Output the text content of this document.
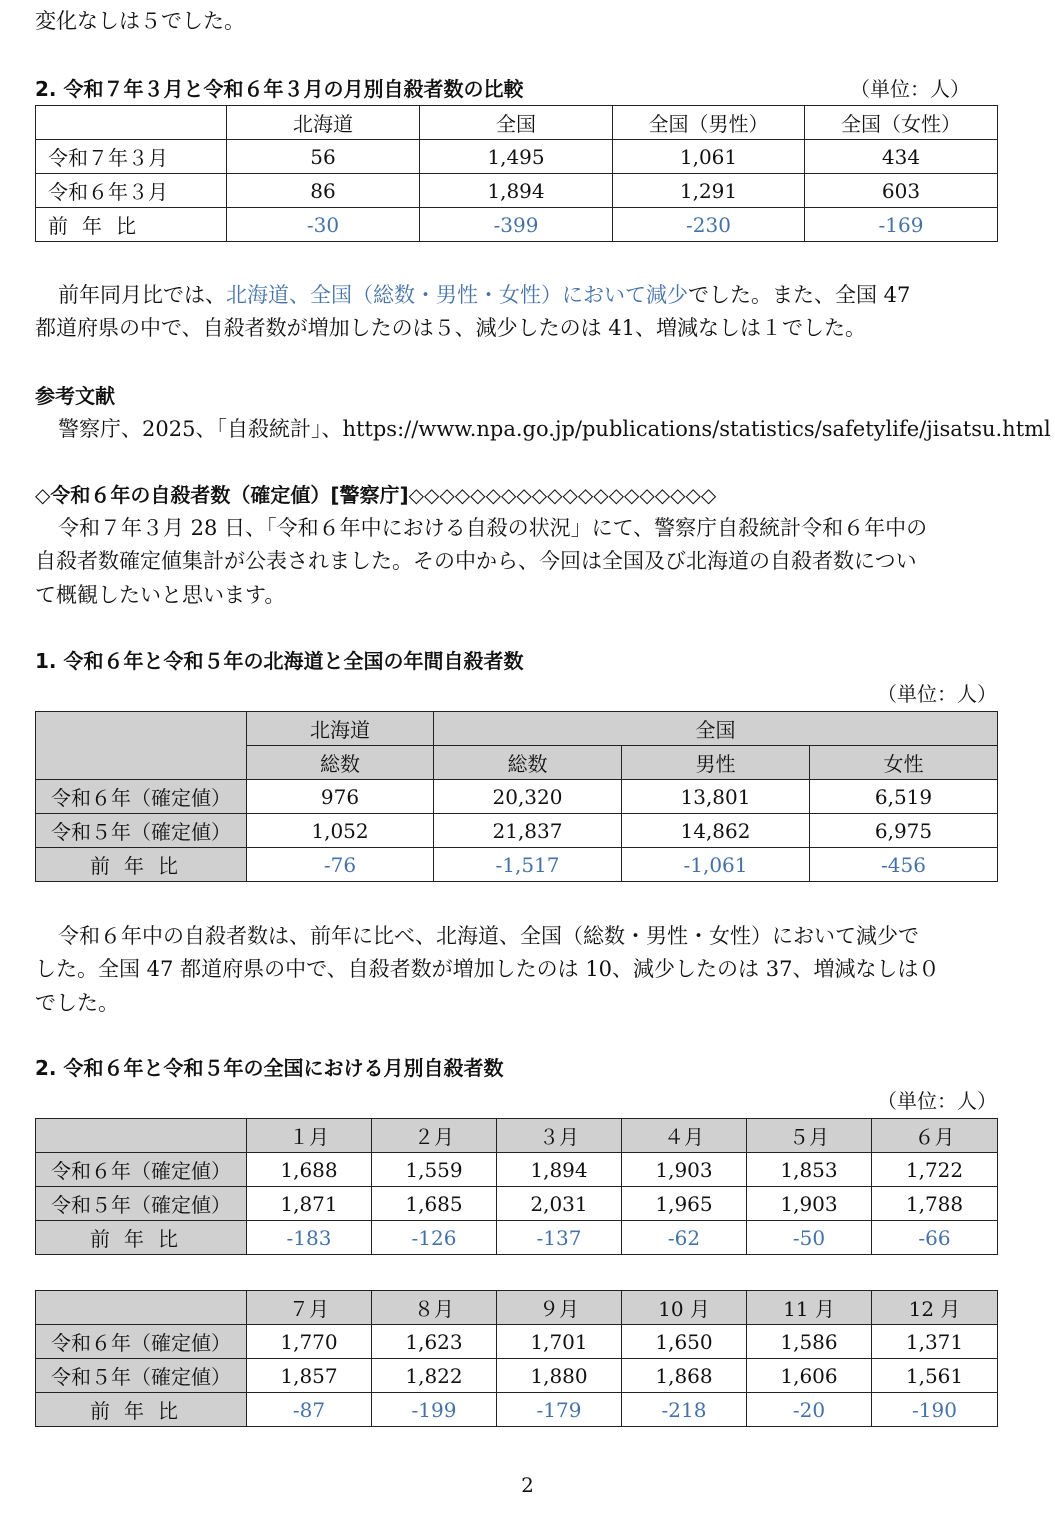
変化なしは５でした。
2. 令和７年３月と令和６年３月の月別自殺者数の比較	（単位：人）
	北海道	全国	全国（男性）	全国（女性）
令和７年３月	56	1,495	1,061	434
令和６年３月	86	1,894	1,291	603
前年比	-30	-399	-230	-169
前年同月比では、北海道、全国（総数・男性・女性）において減少でした。また、全国 47
都道府県の中で、自殺者数が増加したのは５、減少したのは 41、増減なしは１でした。
参考文献
警察庁、2025、「自殺統計」、https://www.npa.go.jp/publications/statistics/safetylife/jisatsu.html
◇令和６年の自殺者数（確定値）[警察庁]◇◇◇◇◇◇◇◇◇◇◇◇◇◇◇◇◇◇◇◇
令和７年３月 28 日、「令和６年中における自殺の状況」にて、警察庁自殺統計令和６年中の
自殺者数確定値集計が公表されました。その中から、今回は全国及び北海道の自殺者数につい
て概観したいと思います。
1. 令和６年と令和５年の北海道と全国の年間自殺者数
（単位：人）
	北海道	全国		
	総数	総数	男性	女性
令和６年（確定値）	976	20,320	13,801	6,519
令和５年（確定値）	1,052	21,837	14,862	6,975
前年比	-76	-1,517	-1,061	-456
令和６年中の自殺者数は、前年に比べ、北海道、全国（総数・男性・女性）において減少で
した。全国 47 都道府県の中で、自殺者数が増加したのは 10、減少したのは 37、増減なしは０
でした。
2. 令和６年と令和５年の全国における月別自殺者数
（単位：人）
	１月	２月	３月	４月	５月	６月
令和６年（確定値）	1,688	1,559	1,894	1,903	1,853	1,722
令和５年（確定値）	1,871	1,685	2,031	1,965	1,903	1,788
前年比	-183	-126	-137	-62	-50	-66
	７月	８月	９月	10 月	11 月	12 月
令和６年（確定値）	1,770	1,623	1,701	1,650	1,586	1,371
令和５年（確定値）	1,857	1,822	1,880	1,868	1,606	1,561
前年比	-87	-199	-179	-218	-20	-190
2
